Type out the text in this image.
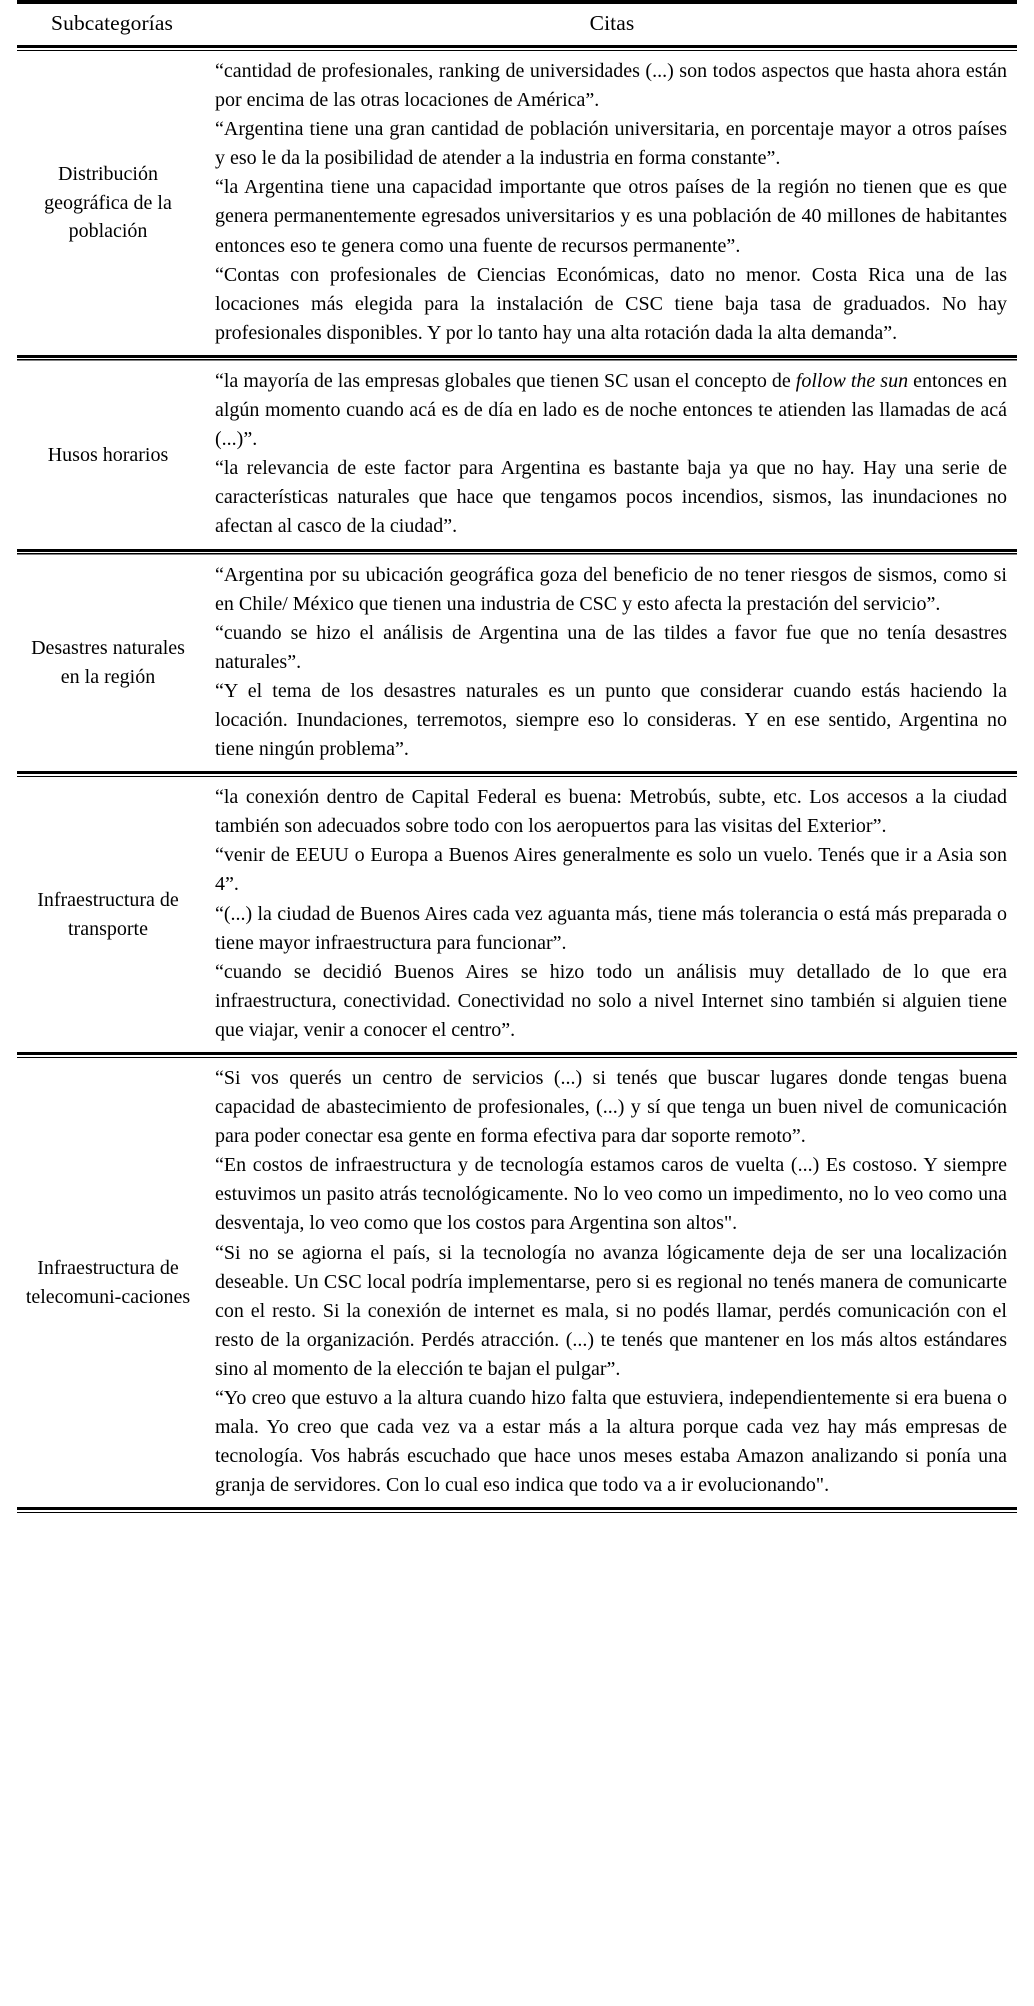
Subcategorías	Citas

Distribución geográfica de la población	“cantidad de profesionales, ranking de universidades (...) son todos aspectos que hasta ahora están por encima de las otras locaciones de América”.

“Argentina tiene una gran cantidad de población universitaria, en porcentaje mayor a otros países y eso le da la posibilidad de atender a la industria en forma constante”.

“la Argentina tiene una capacidad importante que otros países de la región no tienen que es que genera permanentemente egresados universitarios y es una población de 40 millones de habitantes entonces eso te genera como una fuente de recursos permanente”.

“Contas con profesionales de Ciencias Económicas, dato no menor. Costa Rica una de las locaciones más elegida para la instalación de CSC tiene baja tasa de graduados. No hay profesionales disponibles. Y por lo tanto hay una alta rotación dada la alta demanda”.

Husos horarios	“la mayoría de las empresas globales que tienen SC usan el concepto de follow the sun entonces en algún momento cuando acá es de día en lado es de noche entonces te atienden las llamadas de acá (...)”.

“la relevancia de este factor para Argentina es bastante baja ya que no hay. Hay una serie de características naturales que hace que tengamos pocos incendios, sismos, las inundaciones no afectan al casco de la ciudad”.

Desastres naturales en la región	“Argentina por su ubicación geográfica goza del beneficio de no tener riesgos de sismos, como si en Chile/ México que tienen una industria de CSC y esto afecta la prestación del servicio”.

“cuando se hizo el análisis de Argentina una de las tildes a favor fue que no tenía desastres naturales”.

“Y el tema de los desastres naturales es un punto que considerar cuando estás haciendo la locación. Inundaciones, terremotos, siempre eso lo consideras. Y en ese sentido, Argentina no tiene ningún problema”.

Infraestructura de transporte	“la conexión dentro de Capital Federal es buena: Metrobús, subte, etc. Los accesos a la ciudad también son adecuados sobre todo con los aeropuertos para las visitas del Exterior”.

“venir de EEUU o Europa a Buenos Aires generalmente es solo un vuelo. Tenés que ir a Asia son 4”.

“(...) la ciudad de Buenos Aires cada vez aguanta más, tiene más tolerancia o está más preparada o tiene mayor infraestructura para funcionar”.

“cuando se decidió Buenos Aires se hizo todo un análisis muy detallado de lo que era infraestructura, conectividad. Conectividad no solo a nivel Internet sino también si alguien tiene que viajar, venir a conocer el centro”.

Infraestructura de telecomuni-caciones	“Si vos querés un centro de servicios (...) si tenés que buscar lugares donde tengas buena capacidad de abastecimiento de profesionales, (...) y sí que tenga un buen nivel de comunicación para poder conectar esa gente en forma efectiva para dar soporte remoto”.

“En costos de infraestructura y de tecnología estamos caros de vuelta (...) Es costoso. Y siempre estuvimos un pasito atrás tecnológicamente. No lo veo como un impedimento, no lo veo como una desventaja, lo veo como que los costos para Argentina son altos".

“Si no se agiorna el país, si la tecnología no avanza lógicamente deja de ser una localización deseable. Un CSC local podría implementarse, pero si es regional no tenés manera de comunicarte con el resto. Si la conexión de internet es mala, si no podés llamar, perdés comunicación con el resto de la organización. Perdés atracción. (...) te tenés que mantener en los más altos estándares sino al momento de la elección te bajan el pulgar”.

“Yo creo que estuvo a la altura cuando hizo falta que estuviera, independientemente si era buena o mala. Yo creo que cada vez va a estar más a la altura porque cada vez hay más empresas de tecnología. Vos habrás escuchado que hace unos meses estaba Amazon analizando si ponía una granja de servidores. Con lo cual eso indica que todo va a ir evolucionando".
